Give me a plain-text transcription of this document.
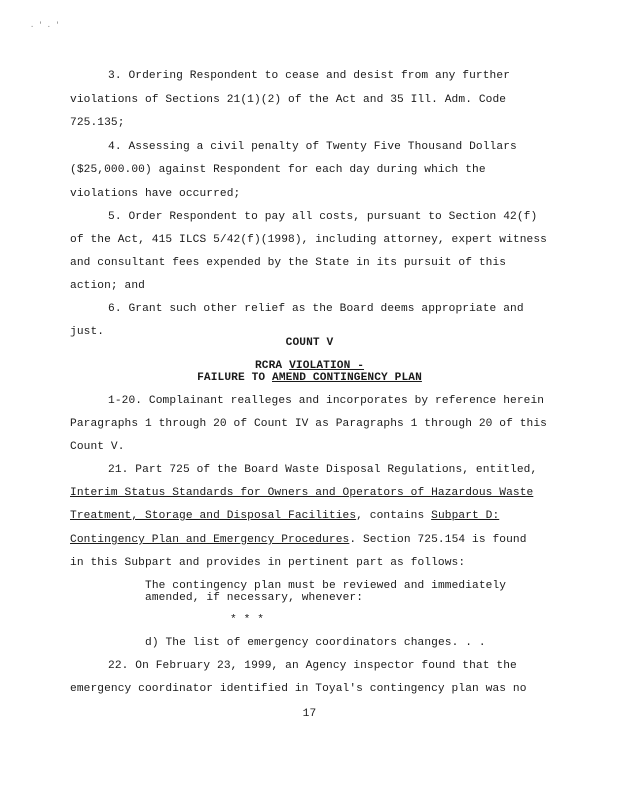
. ' . '
3. Ordering Respondent to cease and desist from any further
violations of Sections 21(1)(2) of the Act and 35 Ill. Adm. Code
725.135;
4. Assessing a civil penalty of Twenty Five Thousand Dollars
($25,000.00) against Respondent for each day during which the
violations have occurred;
5. Order Respondent to pay all costs, pursuant to Section 42(f)
of the Act, 415 ILCS 5/42(f)(1998), including attorney, expert witness
and consultant fees expended by the State in its pursuit of this
action; and
6. Grant such other relief as the Board deems appropriate and
just.
COUNT V
RCRA VIOLATION -
FAILURE TO AMEND CONTINGENCY PLAN
1-20. Complainant realleges and incorporates by reference herein
Paragraphs 1 through 20 of Count IV as Paragraphs 1 through 20 of this
Count V.
21. Part 725 of the Board Waste Disposal Regulations, entitled,
Interim Status Standards for Owners and Operators of Hazardous Waste
Treatment, Storage and Disposal Facilities, contains Subpart D:
Contingency Plan and Emergency Procedures. Section 725.154 is found
in this Subpart and provides in pertinent part as follows:
The contingency plan must be reviewed and immediately
amended, if necessary, whenever:
* * *
d) The list of emergency coordinators changes. . .
22. On February 23, 1999, an Agency inspector found that the
emergency coordinator identified in Toyal's contingency plan was no
17
